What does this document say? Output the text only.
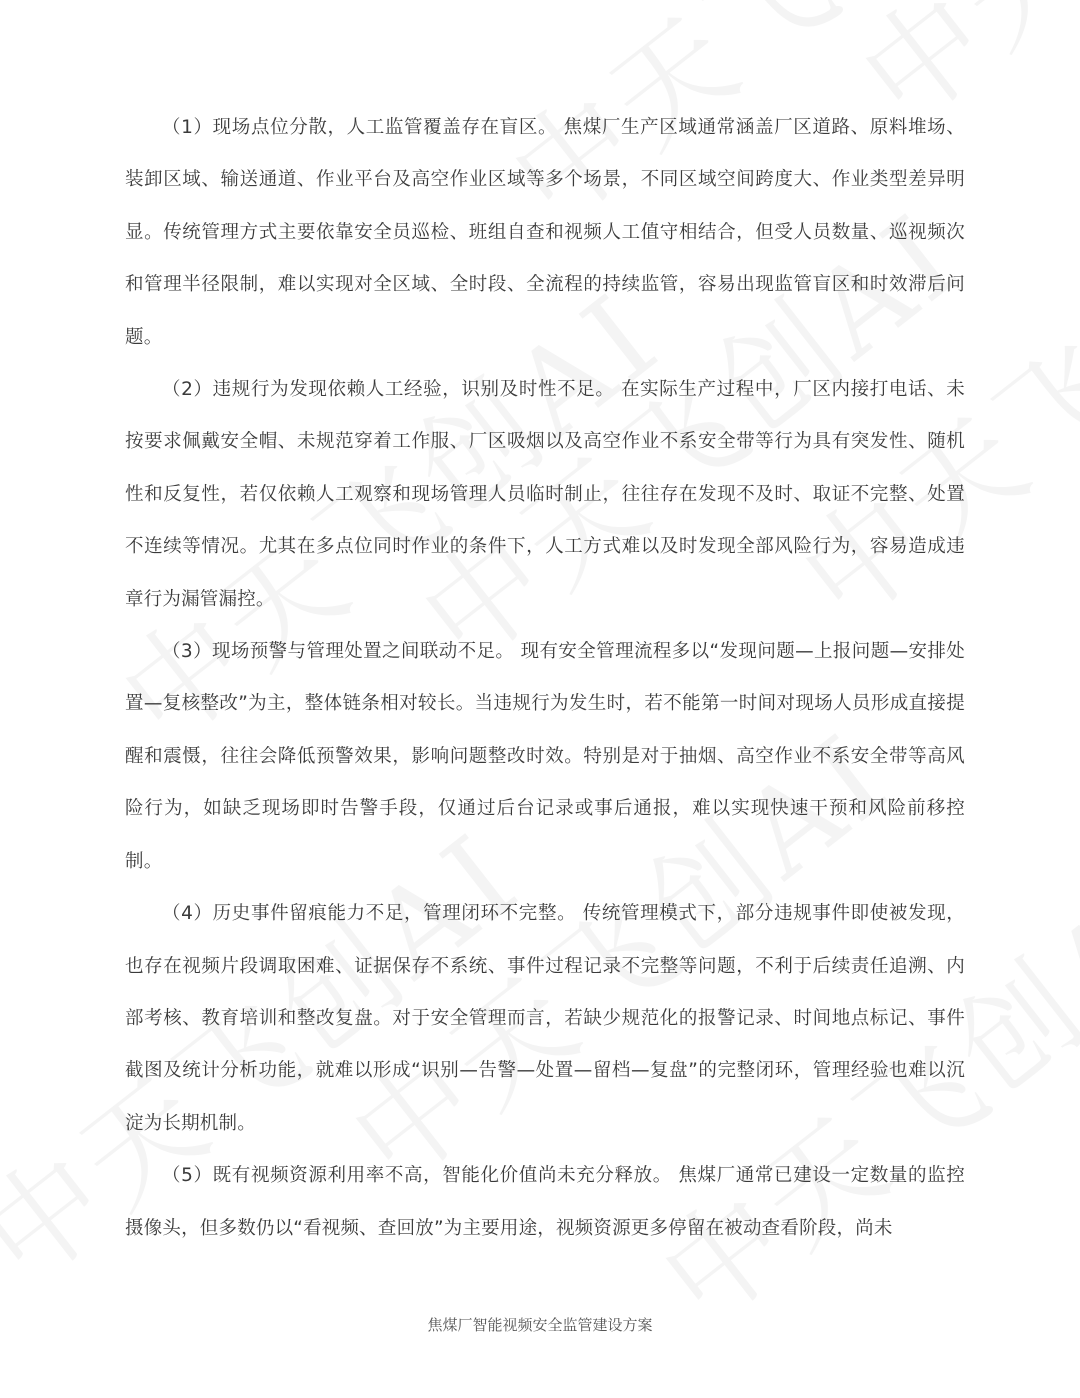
（1）现场点位分散，人工监管覆盖存在盲区。 焦煤厂生产区域通常涵盖厂区道路、原料堆场、装卸区域、输送通道、作业平台及高空作业区域等多个场景，不同区域空间跨度大、作业类型差异明显。传统管理方式主要依靠安全员巡检、班组自查和视频人工值守相结合，但受人员数量、巡视频次和管理半径限制，难以实现对全区域、全时段、全流程的持续监管，容易出现监管盲区和时效滞后问题。

（2）违规行为发现依赖人工经验，识别及时性不足。 在实际生产过程中，厂区内接打电话、未按要求佩戴安全帽、未规范穿着工作服、厂区吸烟以及高空作业不系安全带等行为具有突发性、随机性和反复性，若仅依赖人工观察和现场管理人员临时制止，往往存在发现不及时、取证不完整、处置不连续等情况。尤其在多点位同时作业的条件下，人工方式难以及时发现全部风险行为，容易造成违章行为漏管漏控。

（3）现场预警与管理处置之间联动不足。 现有安全管理流程多以“发现问题—上报问题—安排处置—复核整改”为主，整体链条相对较长。当违规行为发生时，若不能第一时间对现场人员形成直接提醒和震慑，往往会降低预警效果，影响问题整改时效。特别是对于抽烟、高空作业不系安全带等高风险行为，如缺乏现场即时告警手段，仅通过后台记录或事后通报，难以实现快速干预和风险前移控制。

（4）历史事件留痕能力不足，管理闭环不完整。 传统管理模式下，部分违规事件即使被发现，也存在视频片段调取困难、证据保存不系统、事件过程记录不完整等问题，不利于后续责任追溯、内部考核、教育培训和整改复盘。对于安全管理而言，若缺少规范化的报警记录、时间地点标记、事件截图及统计分析功能，就难以形成“识别—告警—处置—留档—复盘”的完整闭环，管理经验也难以沉淀为长期机制。

（5）既有视频资源利用率不高，智能化价值尚未充分释放。 焦煤厂通常已建设一定数量的监控摄像头，但多数仍以“看视频、查回放”为主要用途，视频资源更多停留在被动查看阶段，尚未

焦煤厂智能视频安全监管建设方案
